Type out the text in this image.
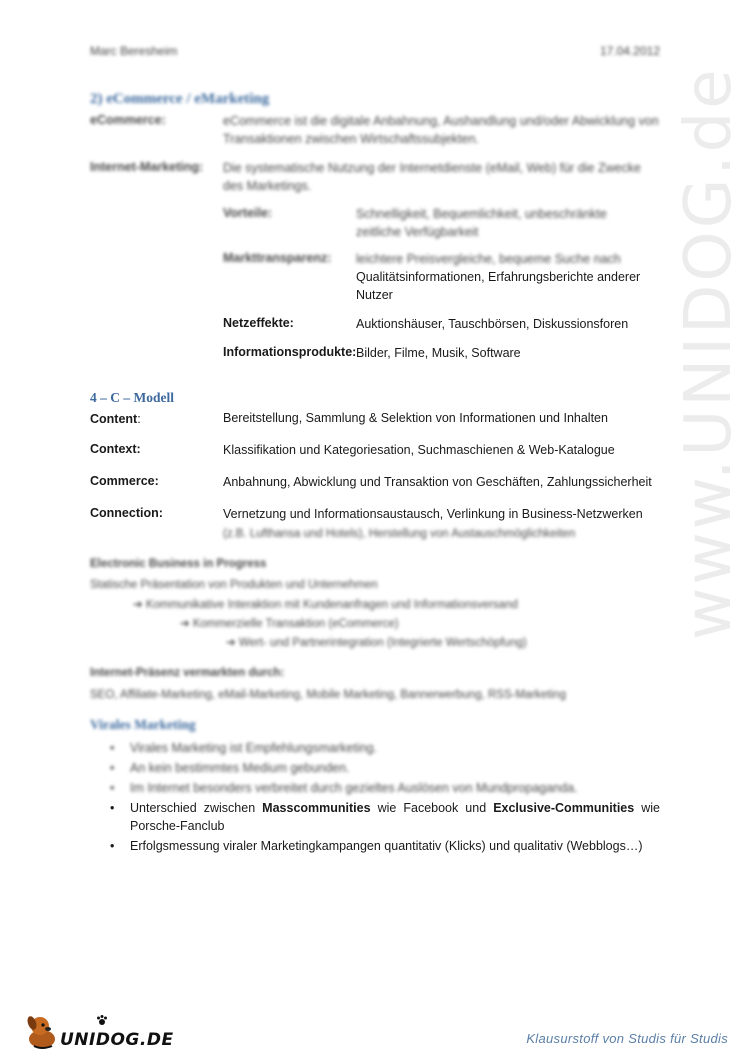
Marc Beresheim	17.04.2012
www.UNIDOG.de
2) eCommerce / eMarketing
eCommerce:	eCommerce ist die digitale Anbahnung, Aushandlung und/oder Abwicklung von Transaktionen zwischen Wirtschaftssubjekten.
Internet-Marketing: Die systematische Nutzung der Internetdienste (eMail, Web) für die Zwecke des Marketings.
Vorteile:	Schnelligkeit, Bequemlichkeit, unbeschränkte zeitliche Verfügbarkeit
Markttransparenz: leichtere Preisvergleiche, bequeme Suche nach
Qualitätsinformationen, Erfahrungsberichte anderer
Nutzer
Netzeffekte:	Auktionshäuser, Tauschbörsen, Diskussionsforen
Informationsprodukte: Bilder, Filme, Musik, Software
4 – C – Modell
Content:	Bereitstellung, Sammlung & Selektion von Informationen und Inhalten
Context:	Klassifikation und Kategoriesation, Suchmaschienen & Web-Katalogue
Commerce:	Anbahnung, Abwicklung und Transaktion von Geschäften, Zahlungssicherheit
Connection:	Vernetzung und Informationsaustausch, Verlinkung in Business-Netzwerken
(z.B. Lufthansa und Hotels), Herstellung von Austauschmöglichkeiten
Electronic Business in Progress
Statische Präsentation von Produkten und Unternehmen
➔ Kommunikative Interaktion mit Kundenanfragen und Informationsversand
➔ Kommerzielle Transaktion (eCommerce)
➔ Wert- und Partnerintegration (Integrierte Wertschöpfung)
Internet-Präsenz vermarkten durch:
SEO, Affiliate-Marketing, eMail-Marketing, Mobile Marketing, Bannerwerbung, RSS-Marketing
Virales Marketing
• Virales Marketing ist Empfehlungsmarketing.
• An kein bestimmtes Medium gebunden.
• Im Internet besonders verbreitet durch gezieltes Auslösen von Mundpropaganda.
• Unterschied zwischen Masscommunities wie Facebook und Exclusive-Communities wie Porsche-Fanclub
• Erfolgsmessung viraler Marketingkampangen quantitativ (Klicks) und qualitativ (Webblogs…)
UNIDOG.DE	Klausurstoff von Studis für Studis
